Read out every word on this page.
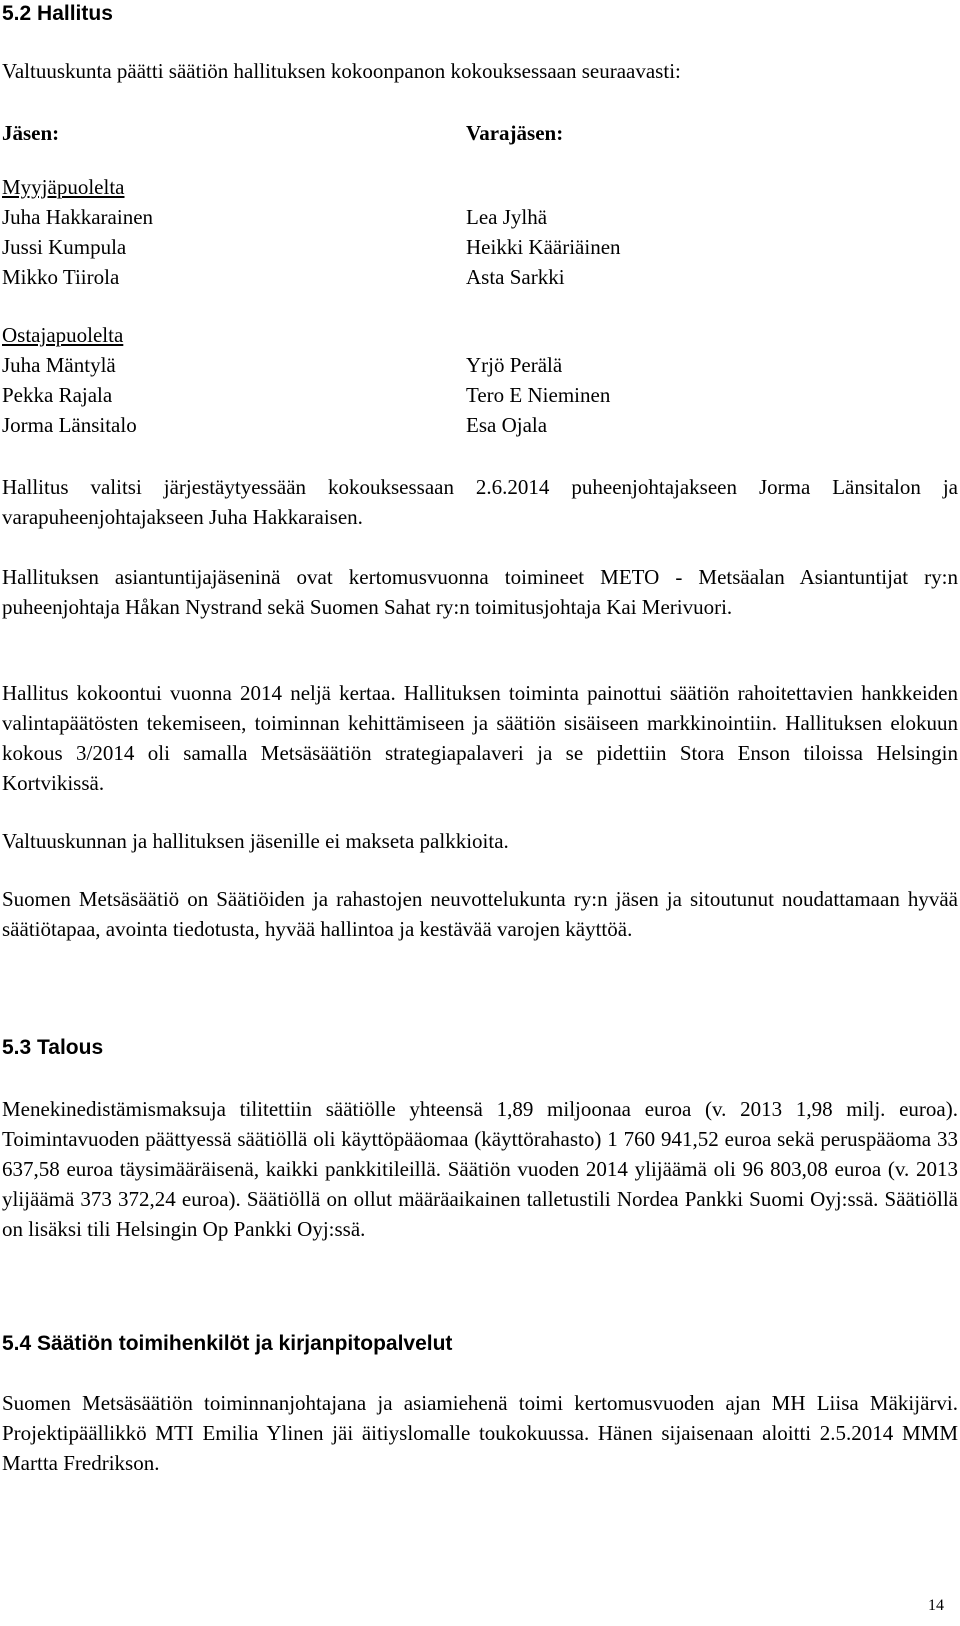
5.2 Hallitus
Valtuuskunta päätti säätiön hallituksen kokoonpanon kokouksessaan seuraavasti:
Jäsen:	Varajäsen:
Myyjäpuolelta
Juha Hakkarainen
Jussi Kumpula
Mikko Tiirola
Lea Jylhä
Heikki Kääriäinen
Asta Sarkki
Ostajapuolelta
Juha Mäntylä
Pekka Rajala
Jorma Länsitalo
Yrjö Perälä
Tero E Nieminen
Esa Ojala

Hallitus valitsi järjestäytyessään kokouksessaan 2.6.2014 puheenjohtajakseen Jorma Länsitalon ja varapuheenjohtajakseen Juha Hakkaraisen.

Hallituksen asiantuntijajäseninä ovat kertomusvuonna toimineet METO - Metsäalan Asiantuntijat ry:n puheenjohtaja Håkan Nystrand sekä Suomen Sahat ry:n toimitusjohtaja Kai Merivuori.

Hallitus kokoontui vuonna 2014 neljä kertaa. Hallituksen toiminta painottui säätiön rahoitettavien hankkeiden valintapäätösten tekemiseen, toiminnan kehittämiseen ja säätiön sisäiseen markkinointiin. Hallituksen elokuun kokous 3/2014 oli samalla Metsäsäätiön strategiapalaveri ja se pidettiin Stora Enson tiloissa Helsingin Kortvikissä.

Valtuuskunnan ja hallituksen jäsenille ei makseta palkkioita.

Suomen Metsäsäätiö on Säätiöiden ja rahastojen neuvottelukunta ry:n jäsen ja sitoutunut noudattamaan hyvää säätiötapaa, avointa tiedotusta, hyvää hallintoa ja kestävää varojen käyttöä.

5.3 Talous

Menekinedistämismaksuja tilitettiin säätiölle yhteensä 1,89 miljoonaa euroa (v. 2013 1,98 milj. euroa). Toimintavuoden päättyessä säätiöllä oli käyttöpääomaa (käyttörahasto) 1 760 941,52 euroa sekä peruspääoma 33 637,58 euroa täysimääräisenä, kaikki pankkitileillä. Säätiön vuoden 2014 ylijäämä oli 96 803,08 euroa (v. 2013 ylijäämä 373 372,24 euroa). Säätiöllä on ollut määräaikainen talletustili Nordea Pankki Suomi Oyj:ssä. Säätiöllä on lisäksi tili Helsingin Op Pankki Oyj:ssä.

5.4 Säätiön toimihenkilöt ja kirjanpitopalvelut

Suomen Metsäsäätiön toiminnanjohtajana ja asiamiehenä toimi kertomusvuoden ajan MH Liisa Mäkijärvi. Projektipäällikkö MTI Emilia Ylinen jäi äitiyslomalle toukokuussa. Hänen sijaisenaan aloitti 2.5.2014 MMM Martta Fredrikson.

14
